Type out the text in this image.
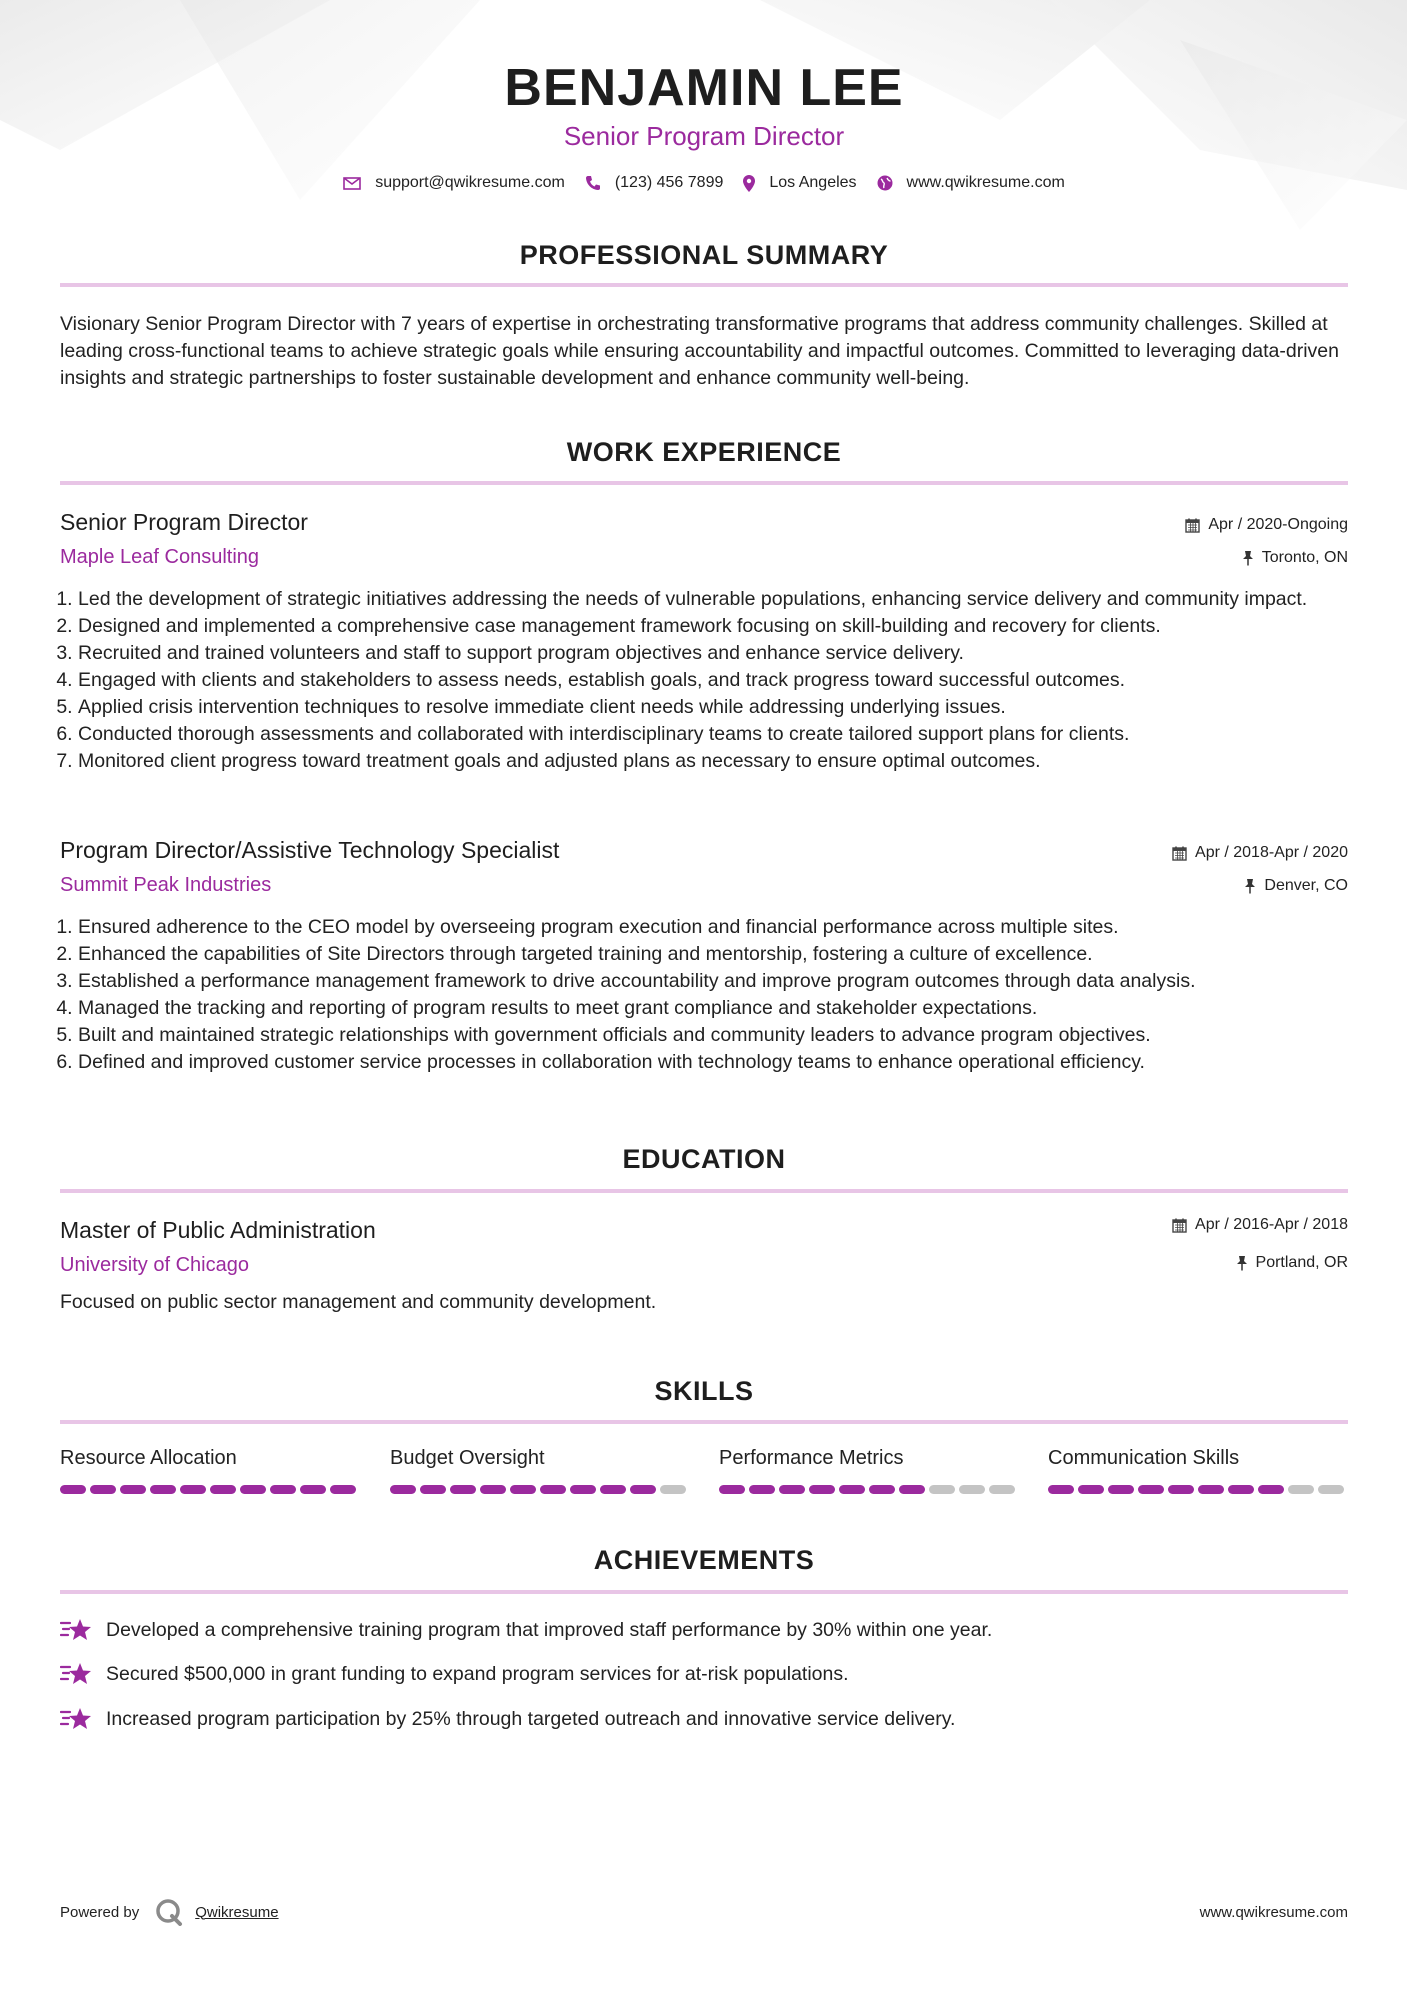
BENJAMIN LEE
Senior Program Director
support@qwikresume.com	(123) 456 7899	Los Angeles	www.qwikresume.com
PROFESSIONAL SUMMARY
Visionary Senior Program Director with 7 years of expertise in orchestrating transformative programs that address community challenges. Skilled at leading cross-functional teams to achieve strategic goals while ensuring accountability and impactful outcomes. Committed to leveraging data-driven insights and strategic partnerships to foster sustainable development and enhance community well-being.
WORK EXPERIENCE
Senior Program Director
Maple Leaf Consulting
Apr / 2020-Ongoing
Toronto, ON
1. Led the development of strategic initiatives addressing the needs of vulnerable populations, enhancing service delivery and community impact.
2. Designed and implemented a comprehensive case management framework focusing on skill-building and recovery for clients.
3. Recruited and trained volunteers and staff to support program objectives and enhance service delivery.
4. Engaged with clients and stakeholders to assess needs, establish goals, and track progress toward successful outcomes.
5. Applied crisis intervention techniques to resolve immediate client needs while addressing underlying issues.
6. Conducted thorough assessments and collaborated with interdisciplinary teams to create tailored support plans for clients.
7. Monitored client progress toward treatment goals and adjusted plans as necessary to ensure optimal outcomes.
Program Director/Assistive Technology Specialist
Summit Peak Industries
Apr / 2018-Apr / 2020
Denver, CO
1. Ensured adherence to the CEO model by overseeing program execution and financial performance across multiple sites.
2. Enhanced the capabilities of Site Directors through targeted training and mentorship, fostering a culture of excellence.
3. Established a performance management framework to drive accountability and improve program outcomes through data analysis.
4. Managed the tracking and reporting of program results to meet grant compliance and stakeholder expectations.
5. Built and maintained strategic relationships with government officials and community leaders to advance program objectives.
6. Defined and improved customer service processes in collaboration with technology teams to enhance operational efficiency.
EDUCATION
Master of Public Administration
University of Chicago
Apr / 2016-Apr / 2018
Portland, OR
Focused on public sector management and community development.
SKILLS
Resource Allocation	Budget Oversight	Performance Metrics	Communication Skills
ACHIEVEMENTS
Developed a comprehensive training program that improved staff performance by 30% within one year.
Secured $500,000 in grant funding to expand program services for at-risk populations.
Increased program participation by 25% through targeted outreach and innovative service delivery.
Powered by	Qwikresume	www.qwikresume.com
